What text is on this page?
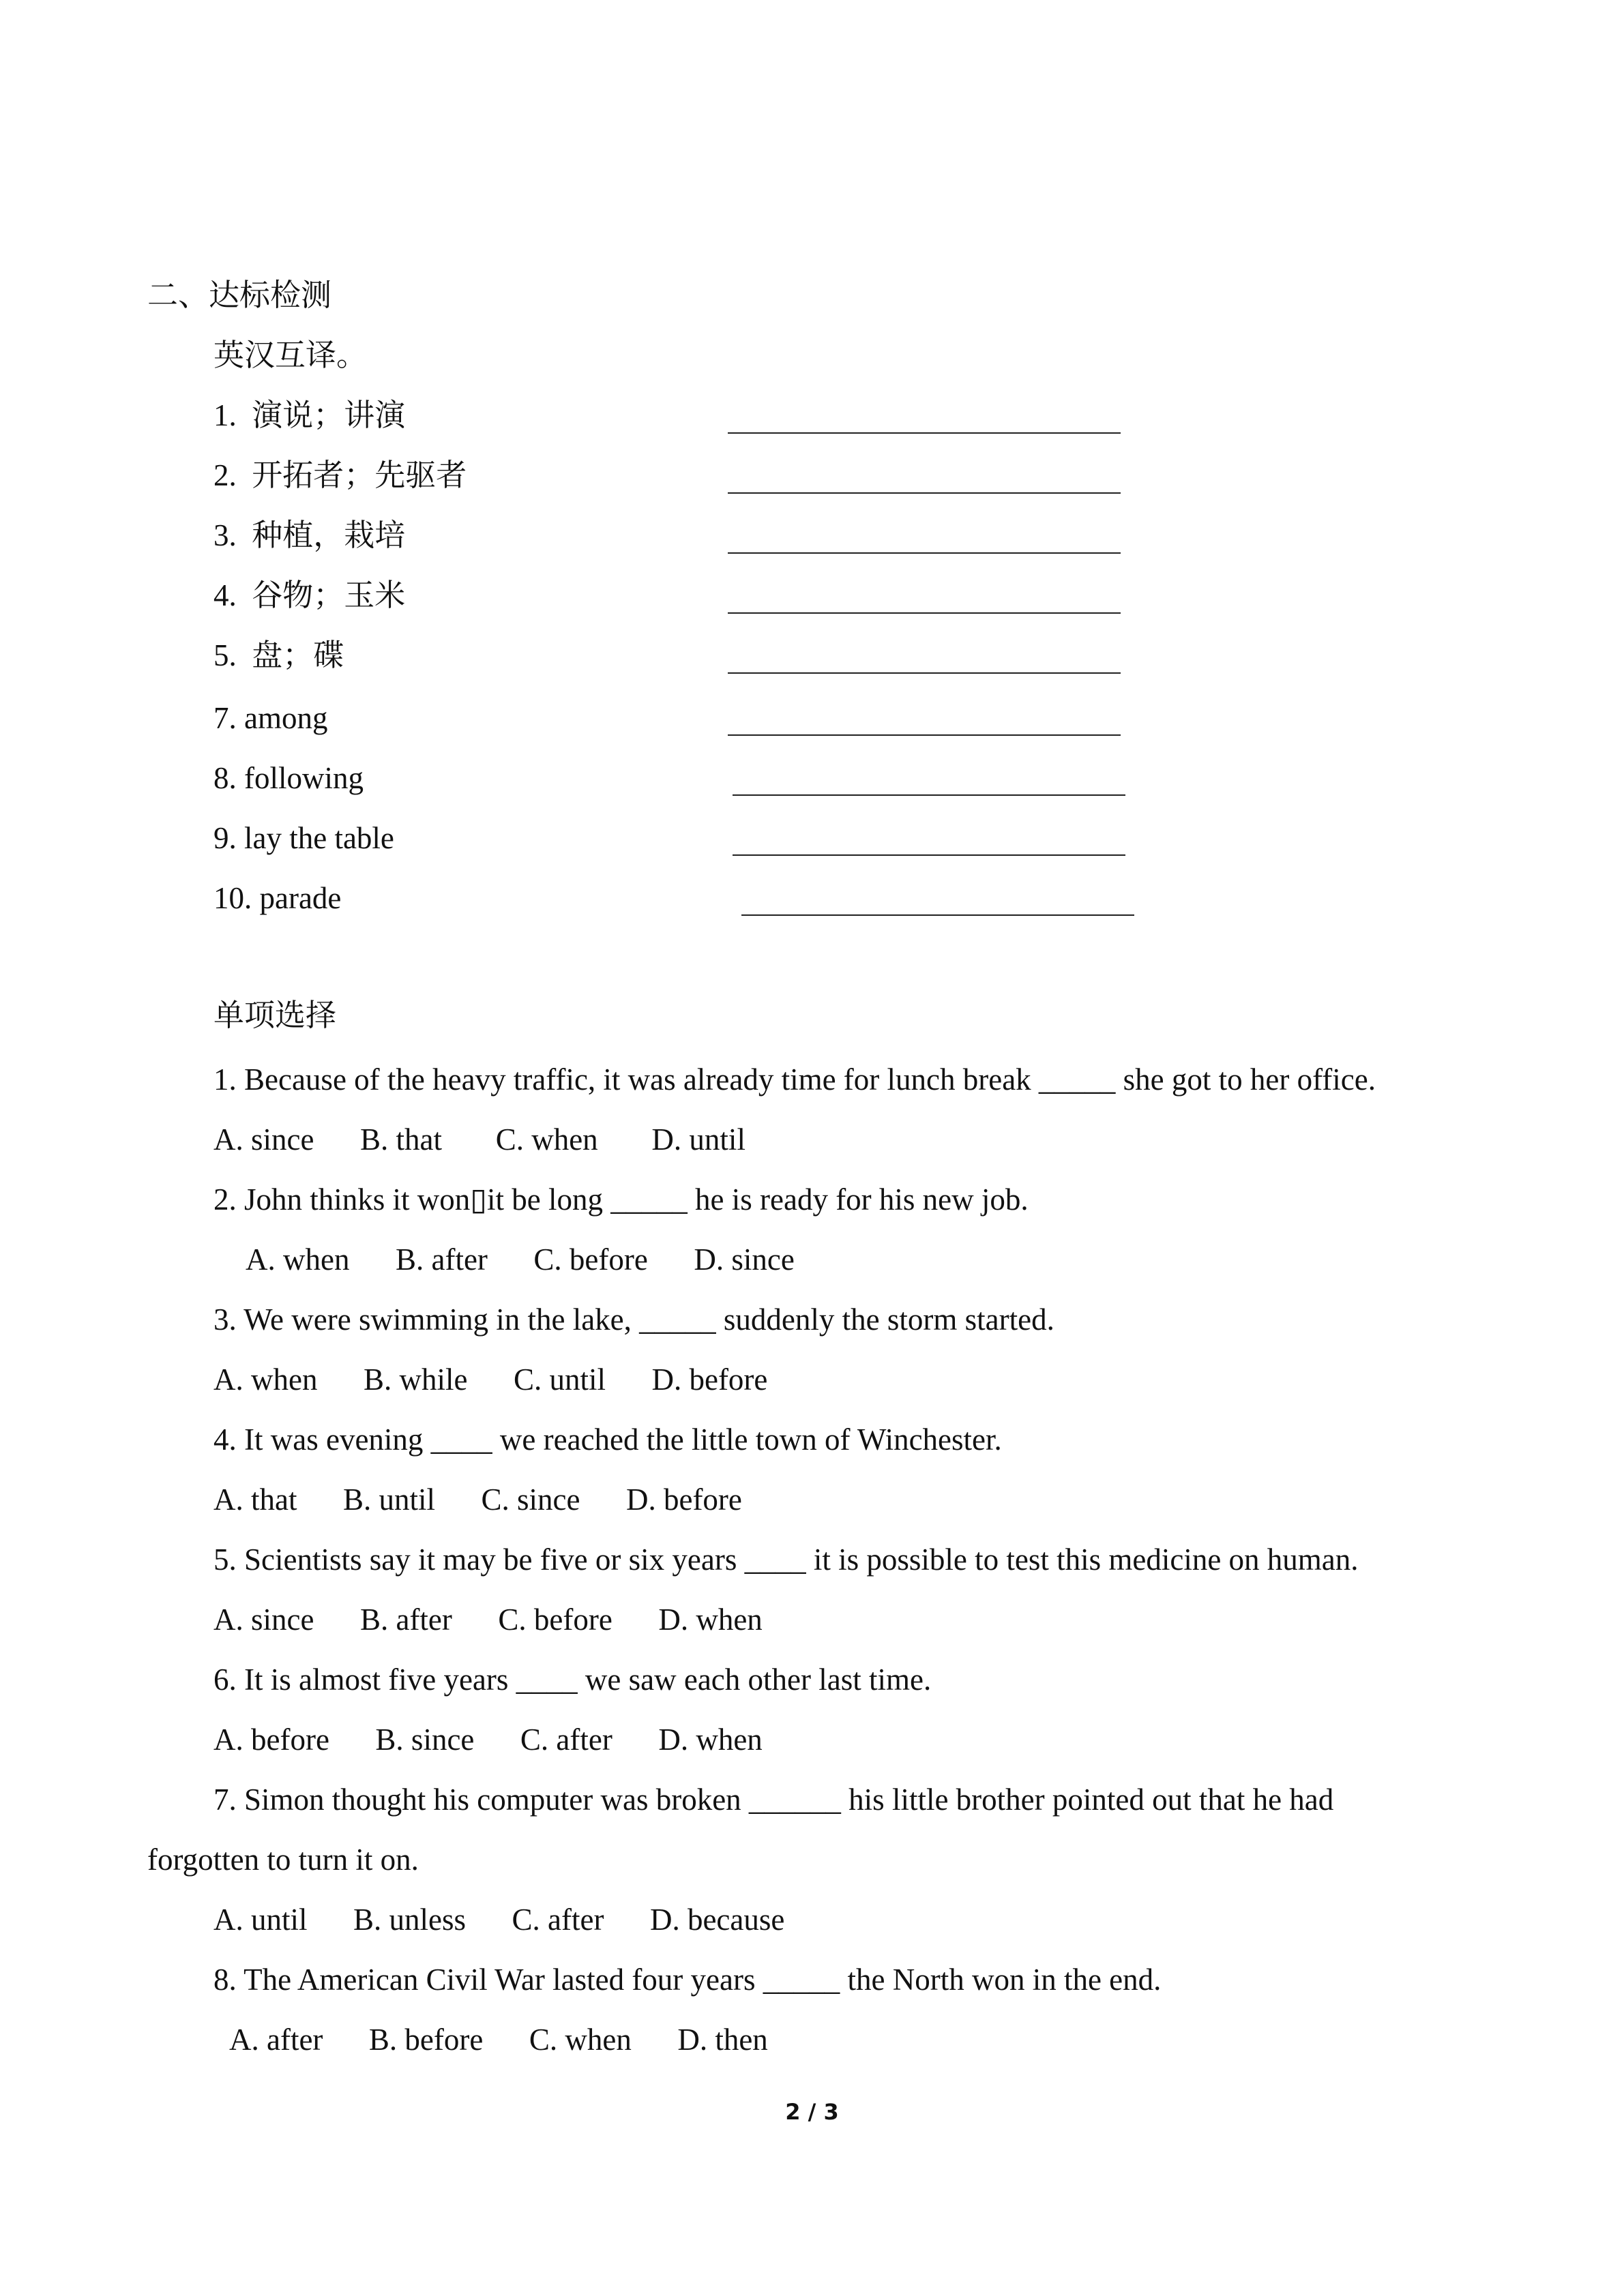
二、达标检测
英汉互译。
1.  演说；讲演
2.  开拓者；先驱者
3.  种植，栽培
4.  谷物；玉米
5.  盘；碟
7. among
8. following
9. lay the table
10. parade
单项选择
1. Because of the heavy traffic, it was already time for lunch break _____ she got to her office.
A. since      B. that       C. when       D. until
2. John thinks it won▯it be long _____ he is ready for his new job.
A. when      B. after      C. before      D. since
3. We were swimming in the lake, _____ suddenly the storm started.
A. when      B. while      C. until      D. before
4. It was evening ____ we reached the little town of Winchester.
A. that      B. until      C. since      D. before
5. Scientists say it may be five or six years ____ it is possible to test this medicine on human.
A. since      B. after      C. before      D. when
6. It is almost five years ____ we saw each other last time.
A. before      B. since      C. after      D. when
7. Simon thought his computer was broken ______ his little brother pointed out that he had
forgotten to turn it on.
A. until      B. unless      C. after      D. because
8. The American Civil War lasted four years _____ the North won in the end.
A. after      B. before      C. when      D. then
2 / 3
